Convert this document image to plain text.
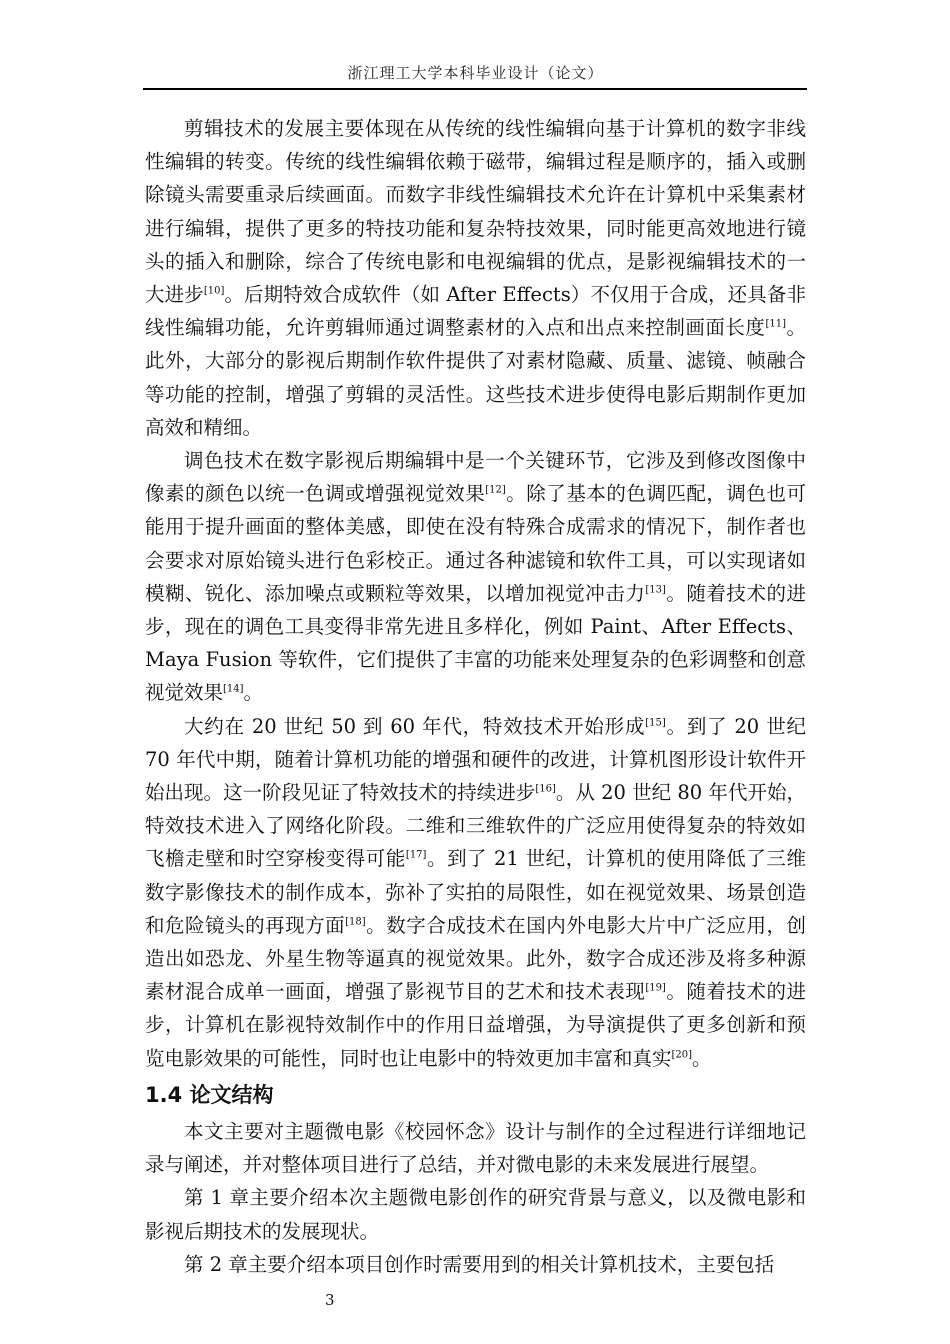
浙江理工大学本科毕业设计（论文）

剪辑技术的发展主要体现在从传统的线性编辑向基于计算机的数字非线性编辑的转变。传统的线性编辑依赖于磁带，编辑过程是顺序的，插入或删除镜头需要重录后续画面。而数字非线性编辑技术允许在计算机中采集素材进行编辑，提供了更多的特技功能和复杂特技效果，同时能更高效地进行镜头的插入和删除，综合了传统电影和电视编辑的优点，是影视编辑技术的一大进步[10]。后期特效合成软件（如 After Effects）不仅用于合成，还具备非线性编辑功能，允许剪辑师通过调整素材的入点和出点来控制画面长度[11]。此外，大部分的影视后期制作软件提供了对素材隐藏、质量、滤镜、帧融合等功能的控制，增强了剪辑的灵活性。这些技术进步使得电影后期制作更加高效和精细。

调色技术在数字影视后期编辑中是一个关键环节，它涉及到修改图像中像素的颜色以统一色调或增强视觉效果[12]。除了基本的色调匹配，调色也可能用于提升画面的整体美感，即使在没有特殊合成需求的情况下，制作者也会要求对原始镜头进行色彩校正。通过各种滤镜和软件工具，可以实现诸如模糊、锐化、添加噪点或颗粒等效果，以增加视觉冲击力[13]。随着技术的进步，现在的调色工具变得非常先进且多样化，例如 Paint、After Effects、Maya Fusion 等软件，它们提供了丰富的功能来处理复杂的色彩调整和创意视觉效果[14]。

大约在 20 世纪 50 到 60 年代，特效技术开始形成[15]。到了 20 世纪 70 年代中期，随着计算机功能的增强和硬件的改进，计算机图形设计软件开始出现。这一阶段见证了特效技术的持续进步[16]。从 20 世纪 80 年代开始，特效技术进入了网络化阶段。二维和三维软件的广泛应用使得复杂的特效如飞檐走壁和时空穿梭变得可能[17]。到了 21 世纪，计算机的使用降低了三维数字影像技术的制作成本，弥补了实拍的局限性，如在视觉效果、场景创造和危险镜头的再现方面[18]。数字合成技术在国内外电影大片中广泛应用，创造出如恐龙、外星生物等逼真的视觉效果。此外，数字合成还涉及将多种源素材混合成单一画面，增强了影视节目的艺术和技术表现[19]。随着技术的进步，计算机在影视特效制作中的作用日益增强，为导演提供了更多创新和预览电影效果的可能性，同时也让电影中的特效更加丰富和真实[20]。

1.4 论文结构

本文主要对主题微电影《校园怀念》设计与制作的全过程进行详细地记录与阐述，并对整体项目进行了总结，并对微电影的未来发展进行展望。

第 1 章主要介绍本次主题微电影创作的研究背景与意义，以及微电影和影视后期技术的发展现状。

第 2 章主要介绍本项目创作时需要用到的相关计算机技术，主要包括

3
